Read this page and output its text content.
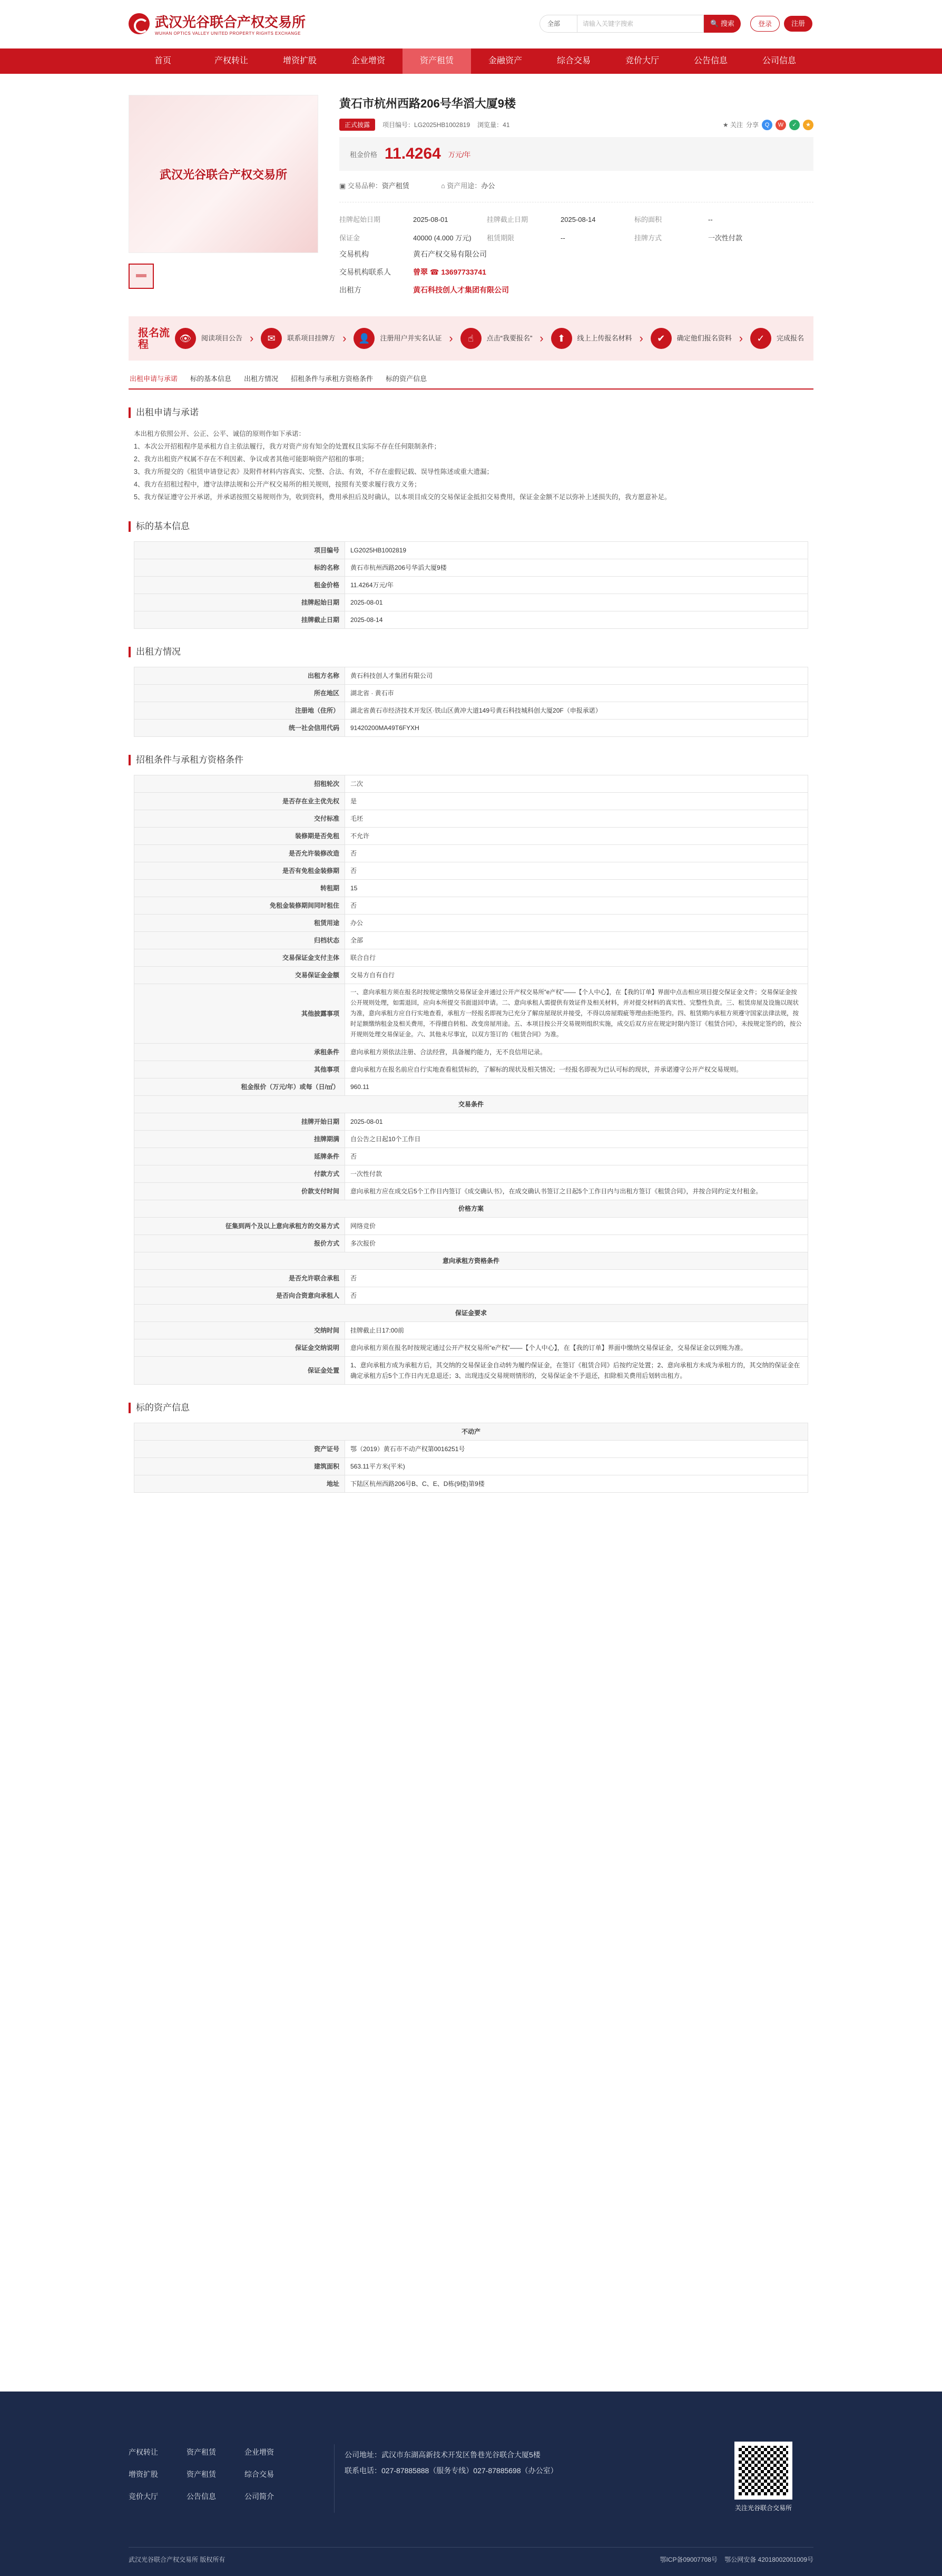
武汉光谷联合产权交易所
WUHAN OPTICS VALLEY UNITED PROPERTY RIGHTS EXCHANGE
全部	请输入关键字搜索	🔍 搜索	登录	注册
首页	产权转让	增资扩股	企业增资	资产租赁	金融资产	综合交易	竞价大厅	公告信息	公司信息
武汉光谷联合产权交易所
黄石市杭州西路206号华滔大厦9楼
正式披露	项目编号：LG2025HB1002819 浏览量：41	★ 关注 分享	Q	W	✓	★
租金价格 11.4264 万元/年
▣ 交易品种：资产租赁	⌂ 资产用途：办公
挂牌起始日期	2025-08-01	挂牌截止日期	2025-08-14	标的面积	--
保证金	40000 (4.000 万元)	租赁期限	--	挂牌方式	一次性付款
交易机构	黄石产权交易有限公司
交易机构联系人	曾翠 ☎ 13697733741
出租方	黄石科技创人才集团有限公司
报名流程	👁	阅读项目公告 ›	✉	联系项目挂牌方 ›	👤	注册用户并实名认证 ›	☝	点击“我要报名” ›	⬆	线上上传报名材料 ›	✔	确定他们报名资料 ›	✓	完成报名
出租申请与承诺 标的基本信息 出租方情况 招租条件与承租方资格条件 标的资产信息
出租申请与承诺
本出租方依照公开、公正、公平、诚信的原则作如下承诺：
1、本次公开招租程序是承租方自主依法履行，我方对资产房有知全的处置权且实际不存在任何限制条件；
2、我方出租资产权属不存在不利因素、争议或者其他可能影响资产招租的事项；
3、我方所提交的《租赁申请登记表》及附件材料内容真实、完整、合法、有效，不存在虚假记载、误导性陈述或重大遗漏；
4、我方在招租过程中，遵守法律法规和公开产权交易所的相关规则，按照有关要求履行我方义务；
5、我方保证遵守公开承诺，并承诺按照交易规则作为，收到资料，费用承担后及时确认，以本项目成交的交易保证金抵扣交易费用，保证金金额不足以弥补上述损失的，我方愿意补足。
标的基本信息
项目编号	LG2025HB1002819
标的名称	黄石市杭州西路206号华滔大厦9楼
租金价格	11.4264万元/年
挂牌起始日期	2025-08-01
挂牌截止日期	2025-08-14
出租方情况
出租方名称	黄石科技创人才集团有限公司
所在地区	湖北省 · 黄石市
注册地（住所）	湖北省黄石市经济技术开发区·铁山区黄冲大道149号黄石科技城科创大厦20F（申报承诺）
统一社会信用代码	91420200MA49T6FYXH
招租条件与承租方资格条件
招租轮次	二次
是否存在业主优先权	是
交付标准	毛坯
装修期是否免租	不允许
是否允许装修改造	否
是否有免租金装修期	否
转租期	15
免租金装修期间同时租住	否
租赁用途	办公
归档状态	全部
交易保证金支付主体	联合自行
交易保证金金额	交易方自有自行
其他披露事项	一、意向承租方须在报名时按规定缴纳交易保证金并通过公开产权交易所“e产权”——【个人中心】，在【我的订单】界面中点击相应项目提交保证金文件；交易保证金按公开规则处理，如需退回，应向本所提交书面退回申请。二、意向承租人需提供有效证件及相关材料，并对提交材料的真实性、完整性负责。三、租赁房屋及设施以现状为准，意向承租方应自行实地查看，承租方一经报名即视为已充分了解房屋现状并接受，不得以房屋瑕疵等理由拒绝签约。四、租赁期内承租方须遵守国家法律法规，按时足额缴纳租金及相关费用，不得擅自转租、改变房屋用途。五、本项目按公开交易规则组织实施，成交后双方应在规定时限内签订《租赁合同》，未按规定签约的，按公开规则处理交易保证金。六、其他未尽事宜，以双方签订的《租赁合同》为准。
承租条件	意向承租方须依法注册、合法经营，具备履约能力，无不良信用记录。
其他事项	意向承租方在报名前应自行实地查看租赁标的，了解标的现状及相关情况；一经报名即视为已认可标的现状，并承诺遵守公开产权交易规则。
租金报价（万元/年）或每（日/㎡）	960.11
交易条件	
挂牌开始日期	2025-08-01
挂牌期满	自公告之日起10个工作日
延牌条件	否
付款方式	一次性付款
价款支付时间	意向承租方应在成交后5个工作日内签订《成交确认书》，在成交确认书签订之日起5个工作日内与出租方签订《租赁合同》，并按合同约定支付租金。
价格方案	
征集到两个及以上意向承租方的交易方式	网络竞价
报价方式	多次报价
意向承租方资格条件	
是否允许联合承租	否
是否向合资意向承租人	否
保证金要求	
交纳时间	挂牌截止日17:00前
保证金交纳说明	意向承租方须在报名时按规定通过公开产权交易所“e产权”——【个人中心】，在【我的订单】界面中缴纳交易保证金，交易保证金以到账为准。
保证金处置	1、意向承租方成为承租方后，其交纳的交易保证金自动转为履约保证金，在签订《租赁合同》后按约定处置；2、意向承租方未成为承租方的，其交纳的保证金在确定承租方后5个工作日内无息退还；3、出现违反交易规则情形的，交易保证金不予退还，扣除相关费用后划转出租方。
标的资产信息
不动产	
资产证号	鄂（2019）黄石市不动产权第0016251号
建筑面积	563.11平方米(平米)
地址	下陆区杭州西路206号B、C、E、D栋(9楼)第9楼
产权转让	资产租赁	企业增资
增资扩股	资产租赁	综合交易
竞价大厅	公告信息	公司简介
公司地址：武汉市东湖高新技术开发区鲁巷光谷联合大厦5楼
联系电话：027-87885888（服务专线）027-87885698（办公室）
关注光谷联合交易所
武汉光谷联合产权交易所 版权所有	鄂ICP备09007708号 鄂公网安备 42018002001009号
